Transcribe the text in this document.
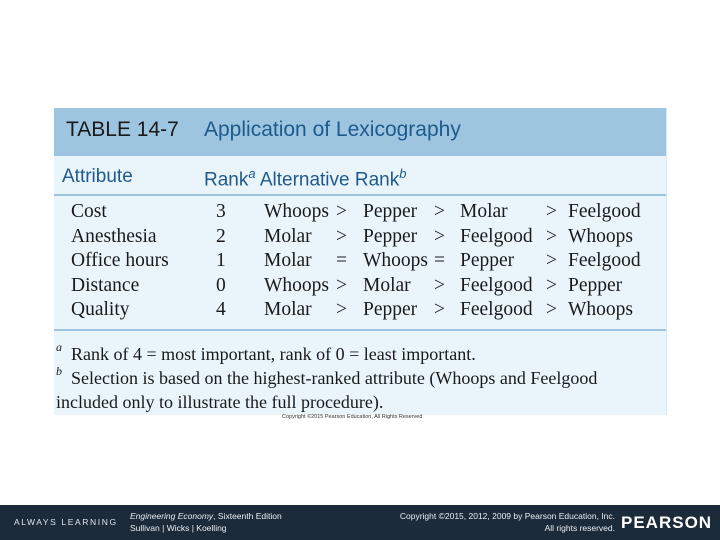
TABLE 14-7 Application of Lexicography
Attribute	Rank$^a$ Alternative Rank$^b$
Cost	3 Whoops > Pepper > Molar > Feelgood
Anesthesia	2 Molar > Pepper > Feelgood > Whoops
Office hours 1 Molar = Whoops = Pepper > Feelgood
Distance	0 Whoops > Molar > Feelgood > Pepper
Quality	4 Molar > Pepper > Feelgood > Whoops
a Rank of 4 = most important, rank of 0 = least important.
b Selection is based on the highest-ranked attribute (Whoops and Feelgood
included only to illustrate the full procedure).
Copyright ©2015 Pearson Education, All Rights Reserved
ALWAYS LEARNING
Engineering Economy, Sixteenth Edition
Sullivan | Wicks | Koelling
Copyright ©2015, 2012, 2009 by Pearson Education, Inc.
All rights reserved. PEARSON
